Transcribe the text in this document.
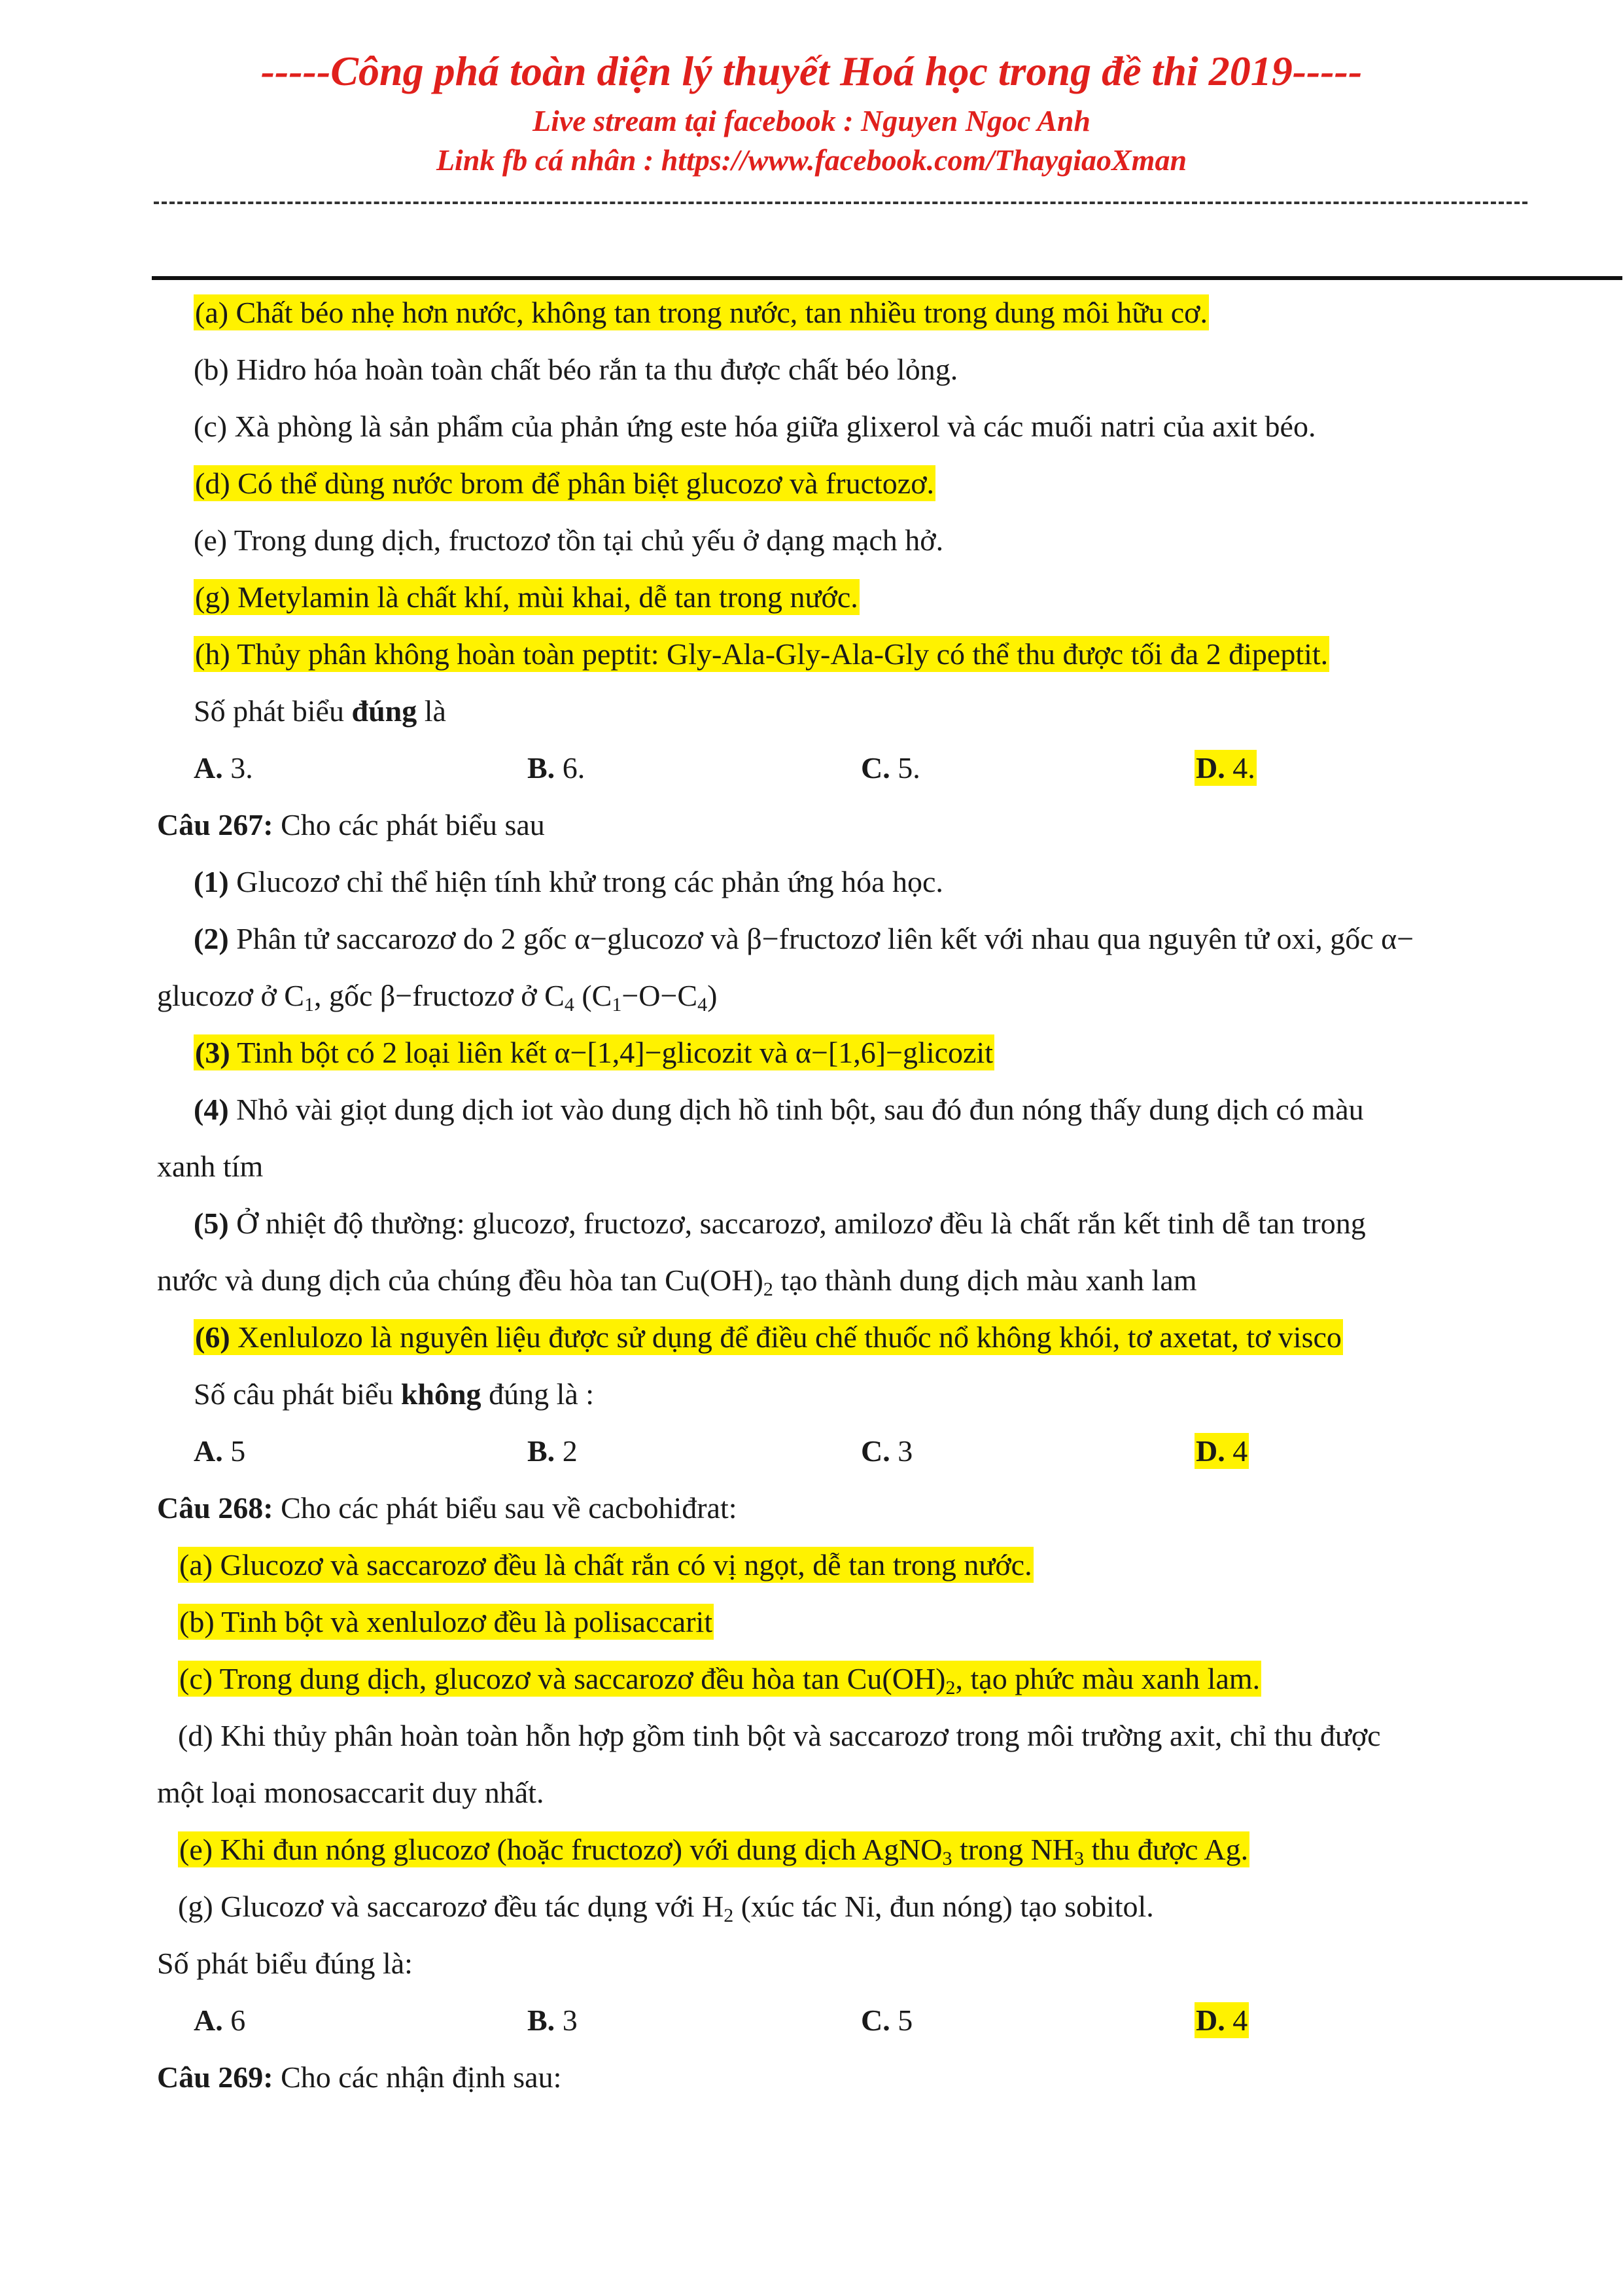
-----Công phá toàn diện lý thuyết Hoá học trong đề thi 2019-----
Live stream tại facebook : Nguyen Ngoc Anh
Link fb cá nhân : https://www.facebook.com/ThaygiaoXman
(a) Chất béo nhẹ hơn nước, không tan trong nước, tan nhiều trong dung môi hữu cơ.
(b) Hidro hóa hoàn toàn chất béo rắn ta thu được chất béo lỏng.
(c) Xà phòng là sản phẩm của phản ứng este hóa giữa glixerol và các muối natri của axit béo.
(d) Có thể dùng nước brom để phân biệt glucozơ và fructozơ.
(e) Trong dung dịch, fructozơ tồn tại chủ yếu ở dạng mạch hở.
(g) Metylamin là chất khí, mùi khai, dễ tan trong nước.
(h) Thủy phân không hoàn toàn peptit: Gly-Ala-Gly-Ala-Gly có thể thu được tối đa 2 đipeptit.
Số phát biểu đúng là
A. 3.	B. 6.	C. 5.	D. 4.
Câu 267: Cho các phát biểu sau
(1) Glucozơ chỉ thể hiện tính khử trong các phản ứng hóa học.
(2) Phân tử saccarozơ do 2 gốc α−glucozơ và β−fructozơ liên kết với nhau qua nguyên tử oxi, gốc α−
glucozơ ở $C_1$, gốc β−fructozơ ở $C_4$ $(C_1-O-C_4)$
(3) Tinh bột có 2 loại liên kết α−[1,4]−glicozit và α−[1,6]−glicozit
(4) Nhỏ vài giọt dung dịch iot vào dung dịch hồ tinh bột, sau đó đun nóng thấy dung dịch có màu
xanh tím
(5) Ở nhiệt độ thường: glucozơ, fructozơ, saccarozơ, amilozơ đều là chất rắn kết tinh dễ tan trong
nước và dung dịch của chúng đều hòa $\tan Cu(OH)_2$ tạo thành dung dịch màu xanh lam
(6) Xenlulozo là nguyên liệu được sử dụng để điều chế thuốc nổ không khói, tơ axetat, tơ visco
Số câu phát biểu không đúng là :
A. 5	B. 2	C. 3	D. 4
Câu 268: Cho các phát biểu sau về cacbohiđrat:
(a) Glucozơ và saccarozơ đều là chất rắn có vị ngọt, dễ tan trong nước.
(b) Tinh bột và xenlulozơ đều là polisaccarit
(c) Trong dung dịch, glucozơ và saccarozơ đều hòa $\tan Cu(OH)_2$, tạo phức màu xanh lam.
(d) Khi thủy phân hoàn toàn hỗn hợp gồm tinh bột và saccarozơ trong môi trường axit, chỉ thu được
một loại monosaccarit duy nhất.
(e) Khi đun nóng glucozơ (hoặc fructozơ) với dung dịch AgNO$_3$ trong $NH_3$ thu được Ag.
(g) Glucozơ và saccarozơ đều tác dụng với $H_2$ (xúc tác Ni, đun nóng) tạo sobitol.
Số phát biểu đúng là:
A. 6	B. 3	C. 5	D. 4
Câu 269: Cho các nhận định sau:
